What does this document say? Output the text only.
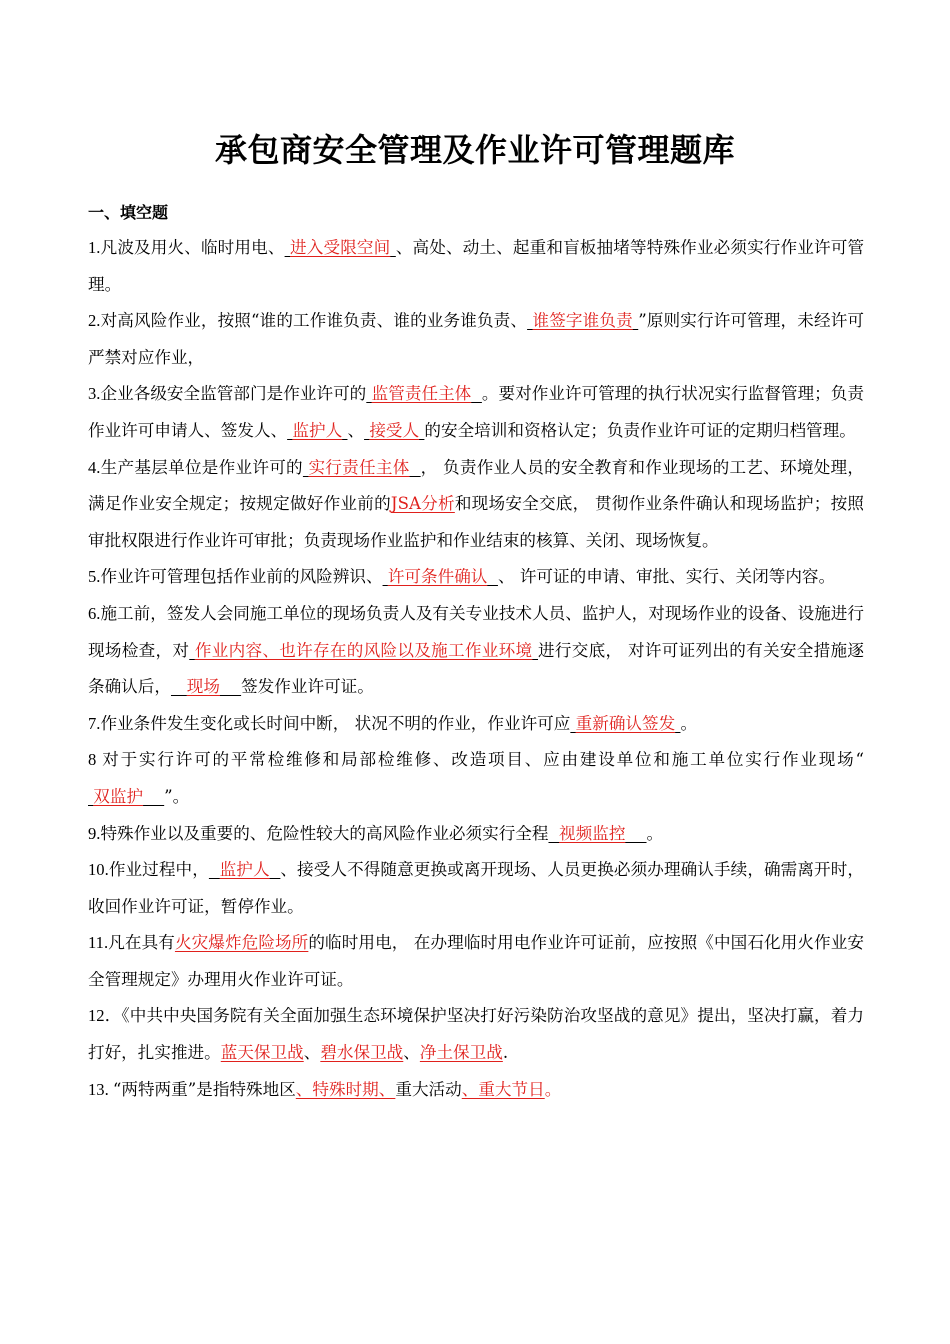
承包商安全管理及作业许可管理题库
一、填空题

1.凡波及用火、临时用电、 进入受限空间 、高处、动土、起重和盲板抽堵等特殊作业必须实行作业许可管理。

2.对高风险作业，按照“谁的工作谁负责、谁的业务谁负责、 谁签字谁负责 ”原则实行许可管理，未经许可严禁对应作业，

3.企业各级安全监管部门是作业许可的 监管责任主体 。要对作业许可管理的执行状况实行监督管理；负责作业许可申请人、签发人、 监护人 、 接受人 的安全培训和资格认定；负责作业许可证的定期归档管理。

4.生产基层单位是作业许可的 实行责任主体 ， 负责作业人员的安全教育和作业现场的工艺、环境处理，满足作业安全规定；按规定做好作业前的JSA分析和现场安全交底， 贯彻作业条件确认和现场监护；按照审批权限进行作业许可审批；负责现场作业监护和作业结束的核算、关闭、现场恢复。

5.作业许可管理包括作业前的风险辨识、 许可条件确认 、 许可证的申请、审批、实行、关闭等内容。

6.施工前，签发人会同施工单位的现场负责人及有关专业技术人员、监护人，对现场作业的设备、设施进行现场检查，对 作业内容、也许存在的风险以及施工作业环境 进行交底， 对许可证列出的有关安全措施逐条确认后， 现场 签发作业许可证。

7.作业条件发生变化或长时间中断， 状况不明的作业，作业许可应 重新确认签发 。

8 对于实行许可的平常检维修和局部检维修、改造项目、应由建设单位和施工单位实行作业现场“ 双监护 ”。

9.特殊作业以及重要的、危险性较大的高风险作业必须实行全程 视频监控 。

10.作业过程中， 监护人 、接受人不得随意更换或离开现场、人员更换必须办理确认手续，确需离开时，收回作业许可证，暂停作业。

11.凡在具有火灾爆炸危险场所的临时用电， 在办理临时用电作业许可证前，应按照《中国石化用火作业安全管理规定》办理用火作业许可证。

12．《中共中央国务院有关全面加强生态环境保护坚决打好污染防治攻坚战的意见》提出，坚决打赢，着力打好，扎实推进。蓝天保卫战、碧水保卫战、净土保卫战.

13. “两特两重”是指特殊地区、特殊时期、重大活动、重大节日。
